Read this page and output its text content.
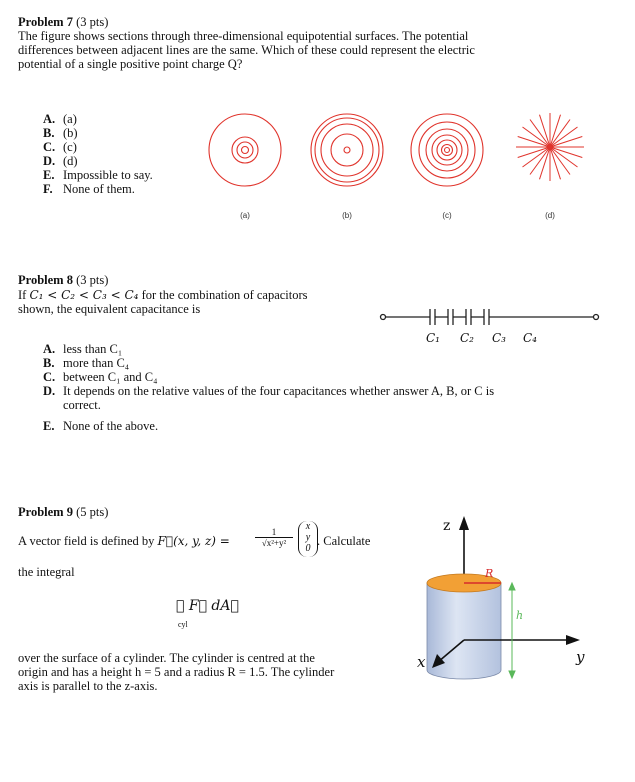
Problem 7 (3 pts)
The figure shows sections through three-dimensional equipotential surfaces. The potential
differences between adjacent lines are the same. Which of these could represent the electric
potential of a single positive point charge Q?
A. (a)
B. (b)
C. (c)
D. (d)
E. Impossible to say.
F. None of them.
(a)	(b)	(c)	(d)
Problem 8 (3 pts)
If C₁ < C₂ < C₃ < C₄ for the combination of capacitors
shown, the equivalent capacitance is
C₁ C₂ C₃ C₄
A. less than C₁
B. more than C₄
C. between C₁ and C₄
D. It depends on the relative values of the four capacitances whether answer A, B, or C is
correct.
E. None of the above.
Problem 9 (5 pts)
A vector field is defined by F⃗(x, y, z) =	$\frac{1}{\text{√x²+y²}}$
x
y
0
. Calculate
the integral
∮ F⃗ dA⃗
cyl
over the surface of a cylinder. The cylinder is centred at the
origin and has a height h = 5 and a radius R = 1.5. The cylinder
axis is parallel to the z-axis.
z
x	y
R
h
